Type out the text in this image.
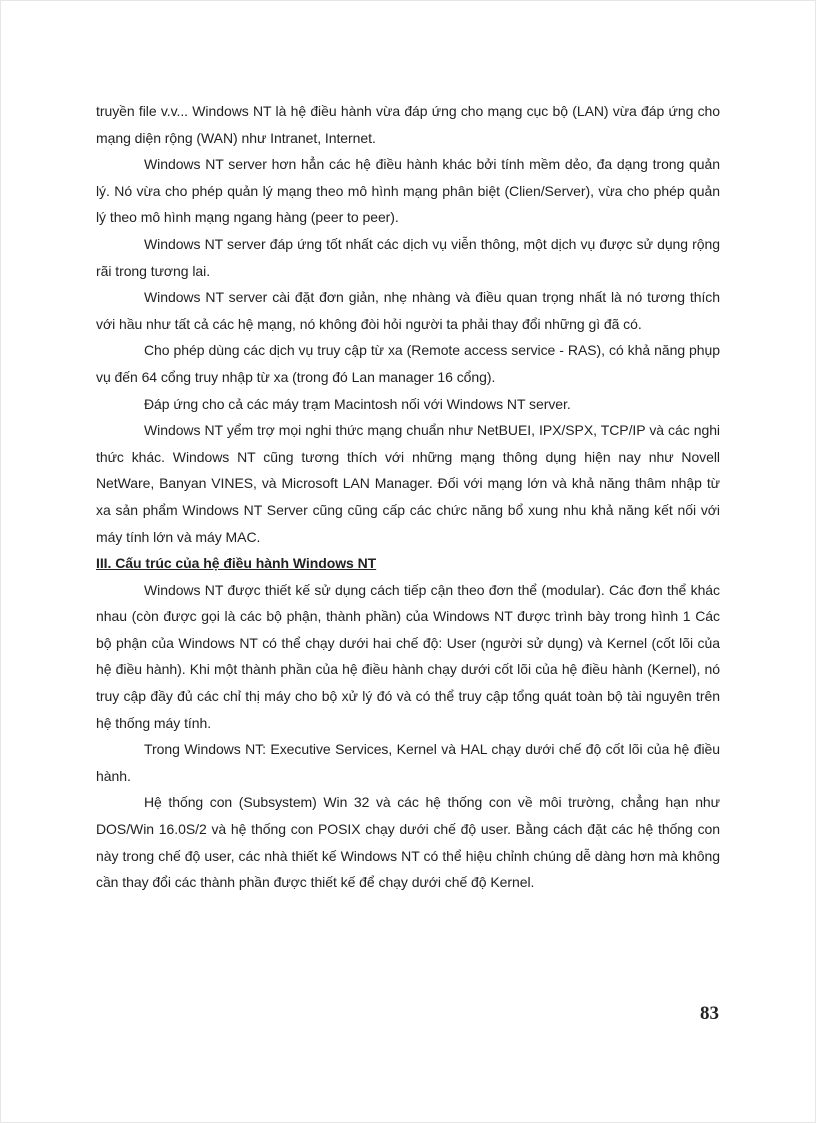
truyền file v.v... Windows NT là hệ điều hành vừa đáp ứng cho mạng cục bộ (LAN) vừa đáp ứng cho mạng diện rộng (WAN) như Intranet, Internet.

Windows NT server hơn hẳn các hệ điều hành khác bởi tính mềm dẻo, đa dạng trong quản lý. Nó vừa cho phép quản lý mạng theo mô hình mạng phân biệt (Clien/Server), vừa cho phép quản lý theo mô hình mạng ngang hàng (peer to peer).

Windows NT server đáp ứng tốt nhất các dịch vụ viễn thông, một dịch vụ được sử dụng rộng rãi trong tương lai.

Windows NT server cài đặt đơn giản, nhẹ nhàng và điều quan trọng nhất là nó tương thích với hầu như tất cả các hệ mạng, nó không đòi hỏi người ta phải thay đổi những gì đã có.

Cho phép dùng các dịch vụ truy cập từ xa (Remote access service - RAS), có khả năng phụp vụ đến 64 cổng truy nhập từ xa (trong đó Lan manager 16 cổng).

Đáp ứng cho cả các máy trạm Macintosh nối với Windows NT server.

Windows NT yểm trợ mọi nghi thức mạng chuẩn như NetBUEI, IPX/SPX, TCP/IP và các nghi thức khác. Windows NT cũng tương thích với những mạng thông dụng hiện nay như Novell NetWare, Banyan VINES, và Microsoft LAN Manager. Đối với mạng lớn và khả năng thâm nhập từ xa sản phẩm Windows NT Server cũng cũng cấp các chức năng bổ xung nhu khả năng kết nối với máy tính lớn và máy MAC.

III. Cấu trúc của hệ điều hành Windows NT

Windows NT được thiết kế sử dụng cách tiếp cận theo đơn thể (modular). Các đơn thể khác nhau (còn được gọi là các bộ phận, thành phần) của Windows NT được trình bày trong hình 1 Các bộ phận của Windows NT có thể chạy dưới hai chế độ: User (người sử dụng) và Kernel (cốt lõi của hệ điều hành). Khi một thành phần của hệ điều hành chạy dưới cốt lõi của hệ điều hành (Kernel), nó truy cập đầy đủ các chỉ thị máy cho bộ xử lý đó và có thể truy cập tổng quát toàn bộ tài nguyên trên hệ thống máy tính.

Trong Windows NT: Executive Services, Kernel và HAL chạy dưới chế độ cốt lõi của hệ điều hành.

Hệ thống con (Subsystem) Win 32 và các hệ thống con về môi trường, chẳng hạn như DOS/Win 16.0S/2 và hệ thống con POSIX chạy dưới chế độ user. Bằng cách đặt các hệ thống con này trong chế độ user, các nhà thiết kế Windows NT có thể hiệu chỉnh chúng dễ dàng hơn mà không cần thay đổi các thành phần được thiết kế để chạy dưới chế độ Kernel.

83
